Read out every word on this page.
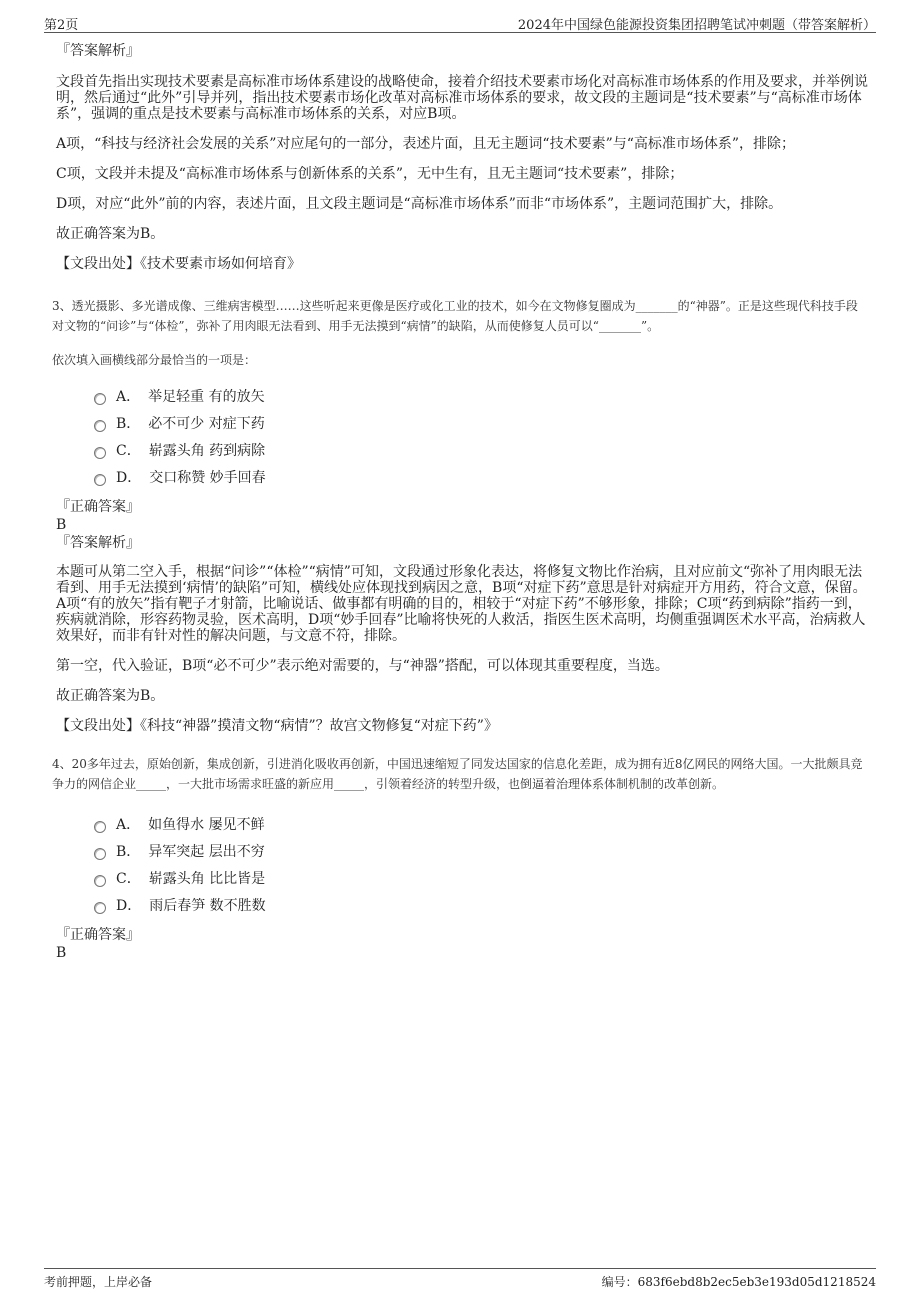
第2页	2024年中国绿色能源投资集团招聘笔试冲刺题（带答案解析）

『答案解析』

文段首先指出实现技术要素是高标准市场体系建设的战略使命，接着介绍技术要素市场化对高标准市场体系的作用及要求，并举例说明，然后通过“此外”引导并列，指出技术要素市场化改革对高标准市场体系的要求，故文段的主题词是“技术要素”与“高标准市场体系”，强调的重点是技术要素与高标准市场体系的关系，对应B项。

A项，“科技与经济社会发展的关系”对应尾句的一部分，表述片面，且无主题词“技术要素”与“高标准市场体系”，排除；

C项，文段并未提及“高标准市场体系与创新体系的关系”，无中生有，且无主题词“技术要素”，排除；

D项，对应“此外”前的内容，表述片面，且文段主题词是“高标准市场体系”而非“市场体系”，主题词范围扩大，排除。

故正确答案为B。

【文段出处】《技术要素市场如何培育》

3、透光摄影、多光谱成像、三维病害模型……这些听起来更像是医疗或化工业的技术，如今在文物修复圈成为_______的“神器”。正是这些现代科技手段对文物的“问诊”与“体检”，弥补了用肉眼无法看到、用手无法摸到“病情”的缺陷，从而使修复人员可以“_______”。

依次填入画横线部分最恰当的一项是：

A． 举足轻重 有的放矢
B． 必不可少 对症下药
C． 崭露头角 药到病除
D． 交口称赞 妙手回春

『正确答案』

B

『答案解析』

本题可从第二空入手，根据“问诊”“体检”“病情”可知，文段通过形象化表达，将修复文物比作治病，且对应前文“弥补了用肉眼无法看到、用手无法摸到‘病情’的缺陷”可知，横线处应体现找到病因之意，B项“对症下药”意思是针对病症开方用药，符合文意，保留。A项“有的放矢”指有靶子才射箭，比喻说话、做事都有明确的目的，相较于“对症下药”不够形象，排除；C项“药到病除”指药一到，疾病就消除，形容药物灵验，医术高明，D项“妙手回春”比喻将快死的人救活，指医生医术高明，均侧重强调医术水平高，治病救人效果好，而非有针对性的解决问题，与文意不符，排除。

第一空，代入验证，B项“必不可少”表示绝对需要的，与“神器”搭配，可以体现其重要程度，当选。

故正确答案为B。

【文段出处】《科技“神器”摸清文物“病情”？故宫文物修复“对症下药”》

4、20多年过去，原始创新，集成创新，引进消化吸收再创新，中国迅速缩短了同发达国家的信息化差距，成为拥有近8亿网民的网络大国。一大批颇具竞争力的网信企业_____，一大批市场需求旺盛的新应用_____，引领着经济的转型升级，也倒逼着治理体系体制机制的改革创新。

A． 如鱼得水 屡见不鲜
B． 异军突起 层出不穷
C． 崭露头角 比比皆是
D． 雨后春笋 数不胜数

『正确答案』

B

考前押题，上岸必备	编号：683f6ebd8b2ec5eb3e193d05d1218524
